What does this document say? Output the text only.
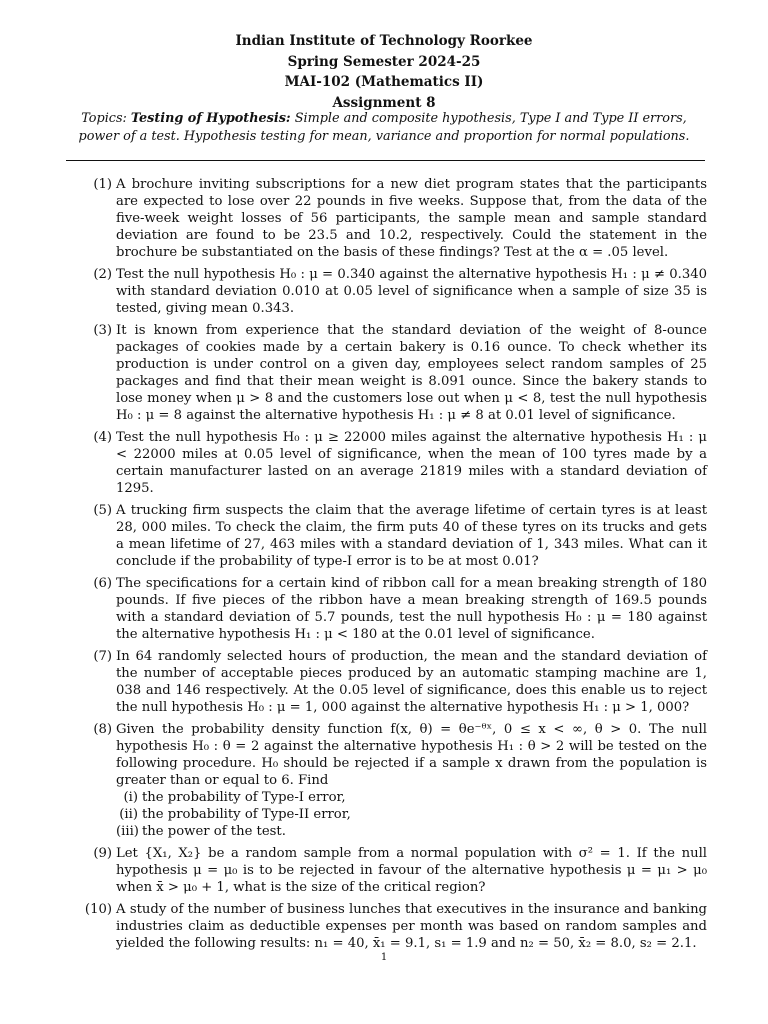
Indian Institute of Technology Roorkee
Spring Semester 2024-25
MAI-102 (Mathematics II)
Assignment 8
Topics: Testing of Hypothesis: Simple and composite hypothesis, Type I and Type II errors, power of a test. Hypothesis testing for mean, variance and proportion for normal populations.
(1) A brochure inviting subscriptions for a new diet program states that the participants are expected to lose over 22 pounds in five weeks. Suppose that, from the data of the five-week weight losses of 56 participants, the sample mean and sample standard deviation are found to be 23.5 and 10.2, respectively. Could the statement in the brochure be substantiated on the basis of these findings? Test at the α = .05 level.
(2) Test the null hypothesis H₀ : μ = 0.340 against the alternative hypothesis H₁ : μ ≠ 0.340 with standard deviation 0.010 at 0.05 level of significance when a sample of size 35 is tested, giving mean 0.343.
(3) It is known from experience that the standard deviation of the weight of 8-ounce packages of cookies made by a certain bakery is 0.16 ounce. To check whether its production is under control on a given day, employees select random samples of 25 packages and find that their mean weight is 8.091 ounce. Since the bakery stands to lose money when μ > 8 and the customers lose out when μ < 8, test the null hypothesis H₀ : μ = 8 against the alternative hypothesis H₁ : μ ≠ 8 at 0.01 level of significance.
(4) Test the null hypothesis H₀ : μ ≥ 22000 miles against the alternative hypothesis H₁ : μ < 22000 miles at 0.05 level of significance, when the mean of 100 tyres made by a certain manufacturer lasted on an average 21819 miles with a standard deviation of 1295.
(5) A trucking firm suspects the claim that the average lifetime of certain tyres is at least 28, 000 miles. To check the claim, the firm puts 40 of these tyres on its trucks and gets a mean lifetime of 27, 463 miles with a standard deviation of 1, 343 miles. What can it conclude if the probability of type-I error is to be at most 0.01?
(6) The specifications for a certain kind of ribbon call for a mean breaking strength of 180 pounds. If five pieces of the ribbon have a mean breaking strength of 169.5 pounds with a standard deviation of 5.7 pounds, test the null hypothesis H₀ : μ = 180 against the alternative hypothesis H₁ : μ < 180 at the 0.01 level of significance.
(7) In 64 randomly selected hours of production, the mean and the standard deviation of the number of acceptable pieces produced by an automatic stamping machine are 1, 038 and 146 respectively. At the 0.05 level of significance, does this enable us to reject the null hypothesis H₀ : μ = 1, 000 against the alternative hypothesis H₁ : μ > 1, 000?
(8) Given the probability density function f(x, θ) = θe⁻ᶿˣ, 0 ≤ x < ∞, θ > 0. The null hypothesis H₀ : θ = 2 against the alternative hypothesis H₁ : θ > 2 will be tested on the following procedure. H₀ should be rejected if a sample x drawn from the population is greater than or equal to 6. Find
(i) the probability of Type-I error,
(ii) the probability of Type-II error,
(iii) the power of the test.
(9) Let {X₁, X₂} be a random sample from a normal population with σ² = 1. If the null hypothesis μ = μ₀ is to be rejected in favour of the alternative hypothesis μ = μ₁ > μ₀ when x̄ > μ₀ + 1, what is the size of the critical region?
(10) A study of the number of business lunches that executives in the insurance and banking industries claim as deductible expenses per month was based on random samples and yielded the following results: n₁ = 40, x̄₁ = 9.1, s₁ = 1.9 and n₂ = 50, x̄₂ = 8.0, s₂ = 2.1.
1
